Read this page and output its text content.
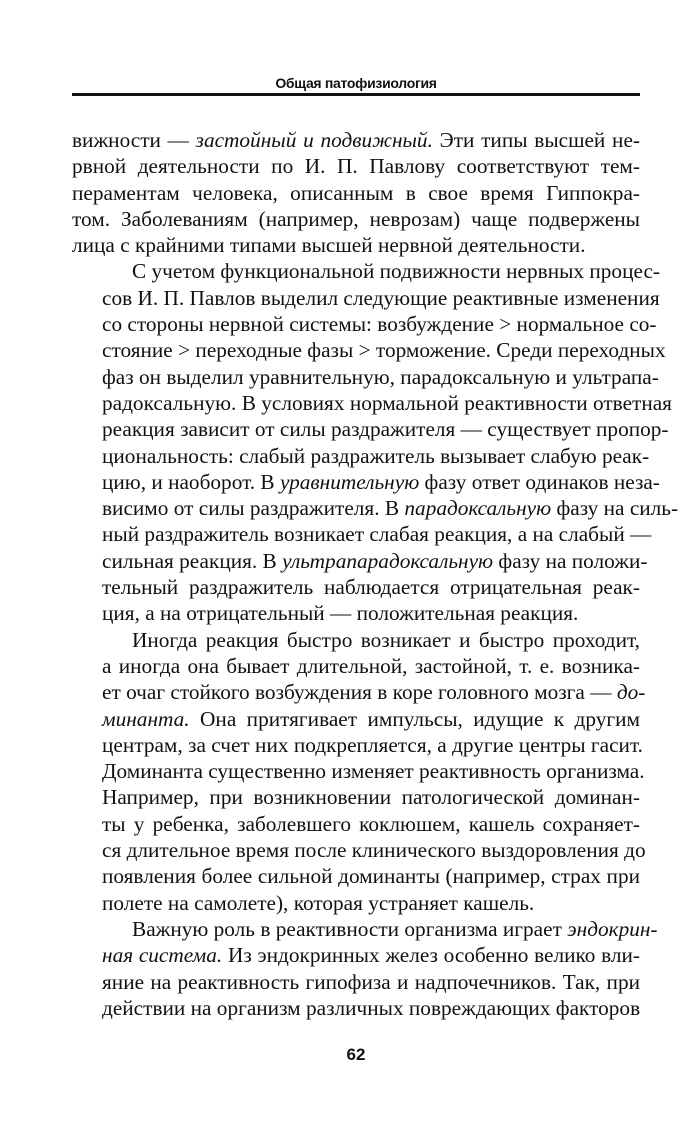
Общая патофизиология

вижности — застойный и подвижный. Эти типы высшей не-
рвной деятельности по И. П. Павлову соответствуют тем-
пераментам человека, описанным в свое время Гиппокра-
том. Заболеваниям (например, неврозам) чаще подвержены
лица с крайними типами высшей нервной деятельности.

С учетом функциональной подвижности нервных процес-
сов И. П. Павлов выделил следующие реактивные изменения
со стороны нервной системы: возбуждение > нормальное со-
стояние > переходные фазы > торможение. Среди переходных
фаз он выделил уравнительную, парадоксальную и ультрапа-
радоксальную. В условиях нормальной реактивности ответная
реакция зависит от силы раздражителя — существует пропор-
циональность: слабый раздражитель вызывает слабую реак-
цию, и наоборот. В уравнительную фазу ответ одинаков неза-
висимо от силы раздражителя. В парадоксальную фазу на силь-
ный раздражитель возникает слабая реакция, а на слабый —
сильная реакция. В ультрапарадоксальную фазу на положи-
тельный раздражитель наблюдается отрицательная реак-
ция, а на отрицательный — положительная реакция.

Иногда реакция быстро возникает и быстро проходит,
а иногда она бывает длительной, застойной, т. е. возника-
ет очаг стойкого возбуждения в коре головного мозга — до-
минанта. Она притягивает импульсы, идущие к другим
центрам, за счет них подкрепляется, а другие центры гасит.
Доминанта существенно изменяет реактивность организма.
Например, при возникновении патологической доминан-
ты у ребенка, заболевшего коклюшем, кашель сохраняет-
ся длительное время после клинического выздоровления до
появления более сильной доминанты (например, страх при
полете на самолете), которая устраняет кашель.

Важную роль в реактивности организма играет эндокрин-
ная система. Из эндокринных желез особенно велико вли-
яние на реактивность гипофиза и надпочечников. Так, при
действии на организм различных повреждающих факторов

62
